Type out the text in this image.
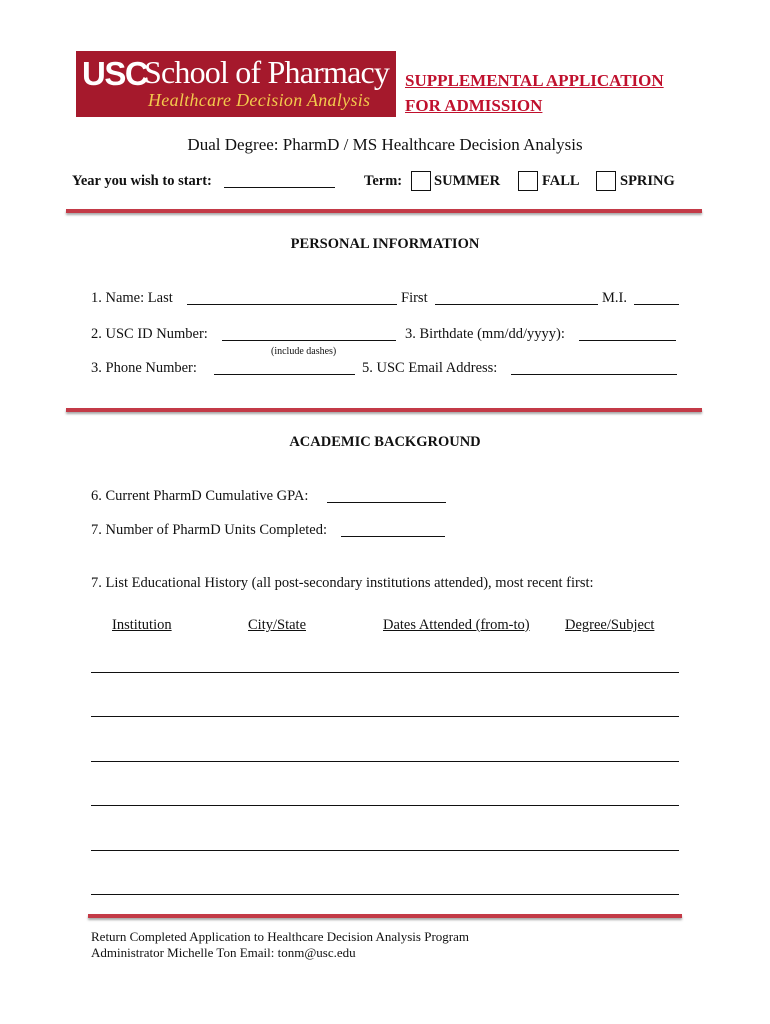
USC
School of Pharmacy
Healthcare Decision Analysis
SUPPLEMENTAL APPLICATION
FOR ADMISSION
Dual Degree: PharmD / MS Healthcare Decision Analysis
Year you wish to start:	Term: SUMMER	FALL	SPRING
PERSONAL INFORMATION
1. Name: Last	First	M.I.
2. USC ID Number:
(include dashes)
3. Birthdate (mm/dd/yyyy):
3. Phone Number:	5. USC Email Address:
ACADEMIC BACKGROUND
6. Current PharmD Cumulative GPA:
7. Number of PharmD Units Completed:
7. List Educational History (all post-secondary institutions attended), most recent first:
Institution	City/State	Dates Attended (from-to) Degree/Subject
Return Completed Application to Healthcare Decision Analysis Program
Administrator Michelle Ton Email: tonm@usc.edu
